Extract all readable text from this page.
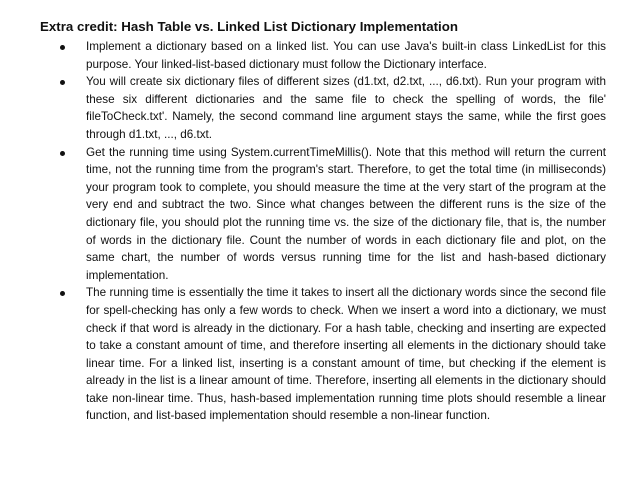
Extra credit: Hash Table vs. Linked List Dictionary Implementation
Implement a dictionary based on a linked list. You can use Java's built-in class LinkedList for this purpose. Your linked-list-based dictionary must follow the Dictionary interface.
You will create six dictionary files of different sizes (d1.txt, d2.txt, ..., d6.txt). Run your program with these six different dictionaries and the same file to check the spelling of words, the file' fileToCheck.txt'. Namely, the second command line argument stays the same, while the first goes through d1.txt, ..., d6.txt.
Get the running time using System.currentTimeMillis(). Note that this method will return the current time, not the running time from the program's start. Therefore, to get the total time (in milliseconds) your program took to complete, you should measure the time at the very start of the program at the very end and subtract the two. Since what changes between the different runs is the size of the dictionary file, you should plot the running time vs. the size of the dictionary file, that is, the number of words in the dictionary file. Count the number of words in each dictionary file and plot, on the same chart, the number of words versus running time for the list and hash-based dictionary implementation.
The running time is essentially the time it takes to insert all the dictionary words since the second file for spell-checking has only a few words to check. When we insert a word into a dictionary, we must check if that word is already in the dictionary. For a hash table, checking and inserting are expected to take a constant amount of time, and therefore inserting all elements in the dictionary should take linear time. For a linked list, inserting is a constant amount of time, but checking if the element is already in the list is a linear amount of time. Therefore, inserting all elements in the dictionary should take non-linear time. Thus, hash-based implementation running time plots should resemble a linear function, and list-based implementation should resemble a non-linear function.
